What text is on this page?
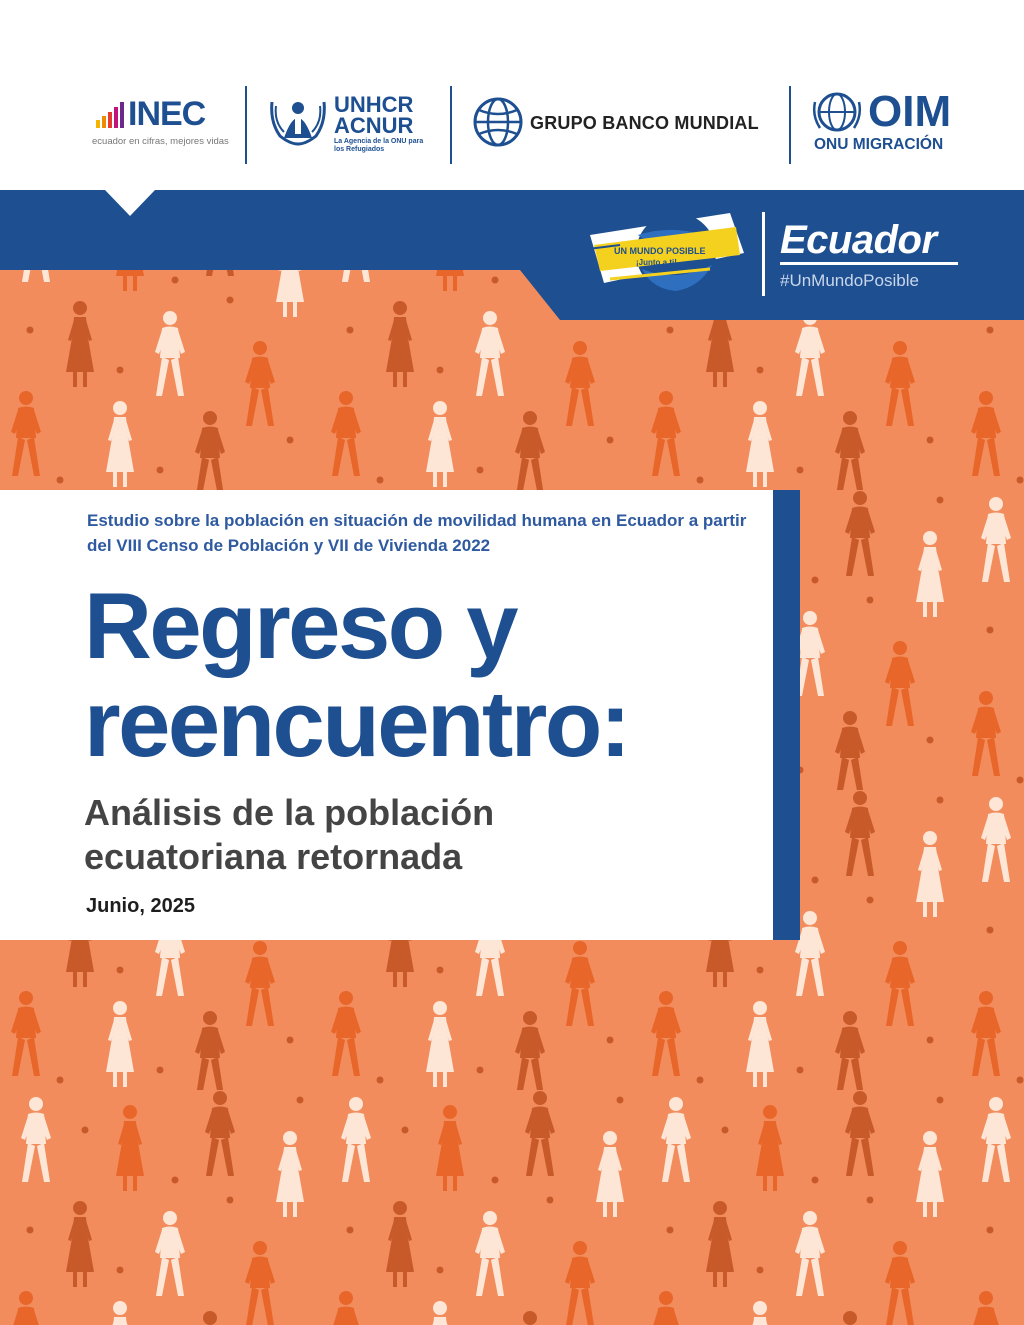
INEC
ecuador en cifras, mejores vidas
UNHCR
ACNUR
La Agencia de la ONU para los Refugiados
GRUPO BANCO MUNDIAL OIM
ONU MIGRACIÓN
UN MUNDO POSIBLE
¡Junto a ti!
Ecuador
#UnMundoPosible
Estudio sobre la población en situación de movilidad humana en Ecuador a partir del VIII Censo de Población y VII de Vivienda 2022
Regreso y
reencuentro:
Análisis de la población
ecuatoriana retornada
Junio, 2025
